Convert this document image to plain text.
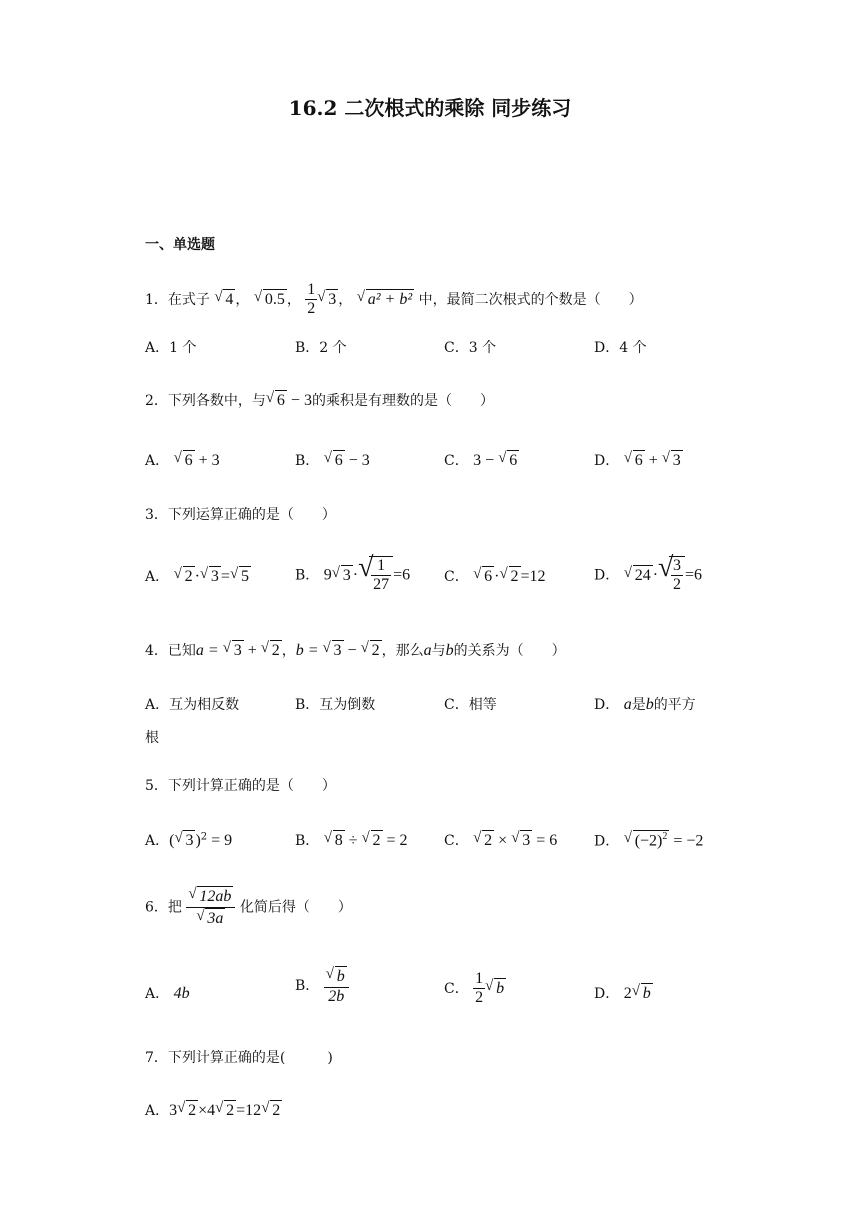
16.2 二次根式的乘除 同步练习
一、单选题
1．在式子 √ 4 ， √ 0.5 ， $\frac{1}{2}$ √ 3 ， √ a² + b² 中，最简二次根式的个数是（　　）
A．1 个	B．2 个	C．3 个	D．4 个
2．下列各数中，与 √ 6 − 3的乘积是有理数的是（　　）
A． √ 6 + 3	B． √ 6 − 3	C． 3 − √ 6	D． √ 6 + √ 3
3．下列运算正确的是（　　）
A． √ 2 · √ 3 = √ 5	B． 9 √ 3 · √
$\frac{1}{27} =6$ C． √ 6 · √ 2 =12	D． √ 24 · √
$\frac{3}{2} =6$
4．已知a = √ 3 + √ 2 ，b = √ 3 − √ 2 ，那么a与b的关系为（　　）
A．互为相反数	B．互为倒数	C．相等	D． a是b的平方
根
5．下列计算正确的是（　　）
A．( √ 3 )$^2$ = 9	B． √ 8 ÷ √ 2 = 2	C． √ 2 × √ 3 = 6	D． √ $(-2)^2 = -2$
6．把 $\frac{√ 12ab}{√ 3a}$ 化简后得（　　）
A． 4b	B． $\frac{√ b}{2b}$	C． $\frac{1}{2}$ √ b	D． 2 √ b
7．下列计算正确的是(　　　)
A．3 √ 2 ×4 √ 2 =12 √ 2
